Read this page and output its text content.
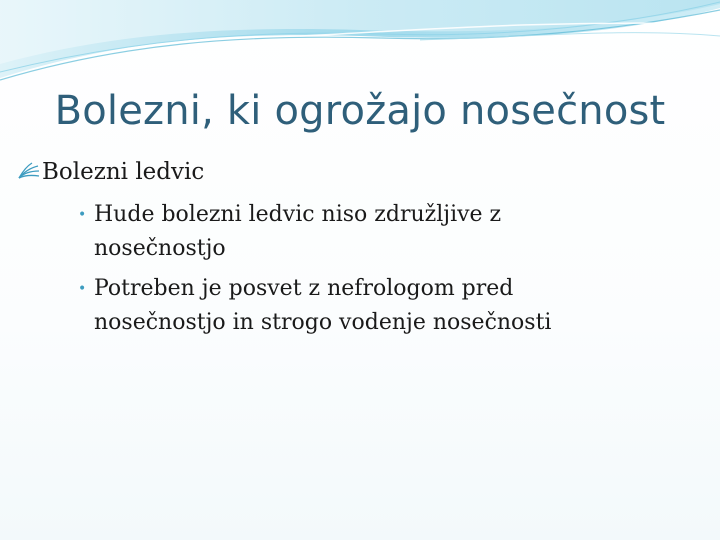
Bolezni, ki ogrožajo nosečnost
Bolezni ledvic
• Hude bolezni ledvic niso združljive z nosečnostjo
• Potreben je posvet z nefrologom pred nosečnostjo in strogo vodenje nosečnosti
